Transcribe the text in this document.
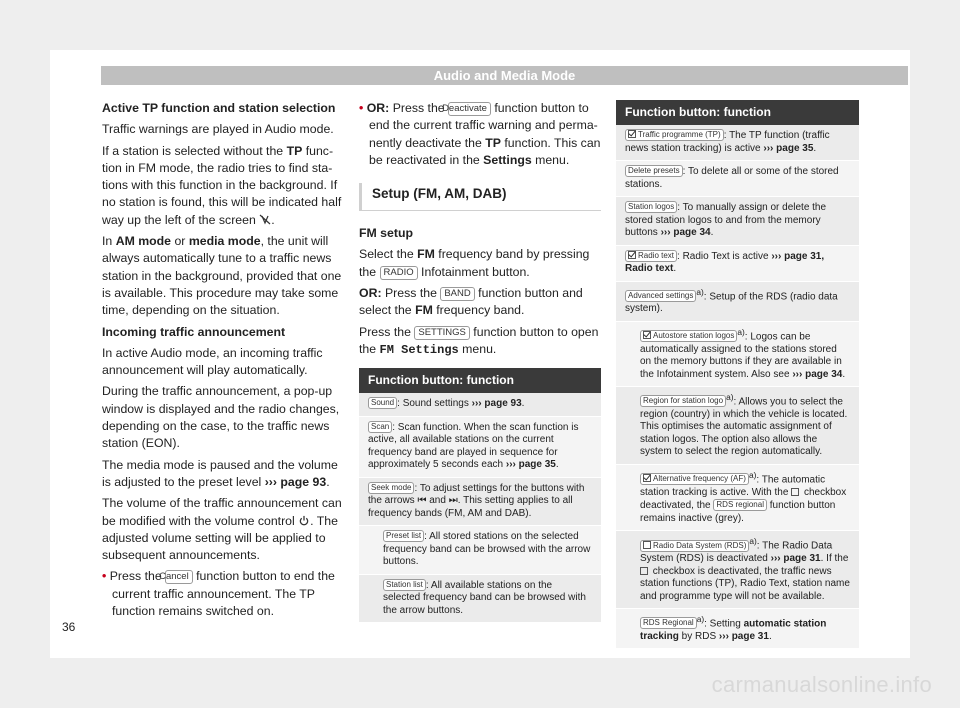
Audio and Media Mode

Active TP function and station selection

Traffic warnings are played in Audio mode.

If a station is selected without the TP function in FM mode, the radio tries to find stations with this function in the background. If no station is found, this will be indicated half way up the left of the screen .

In AM mode or media mode, the unit will always automatically tune to a traffic news station in the background, provided that one is available. This procedure may take some time, depending on the situation.

Incoming traffic announcement

In active Audio mode, an incoming traffic announcement will play automatically.

During the traffic announcement, a pop-up window is displayed and the radio changes, depending on the case, to the traffic news station (EON).

The media mode is paused and the volume is adjusted to the preset level ››› page 93.

The volume of the traffic announcement can be modified with the volume control . The adjusted volume setting will be applied to subsequent announcements.

• Press the Cancel function button to end the current traffic announcement. The TP function remains switched on.

• OR: Press the Deactivate function button to end the current traffic warning and permanently deactivate the TP function. This can be reactivated in the Settings menu.

Setup (FM, AM, DAB)

FM setup

Select the FM frequency band by pressing the RADIO Infotainment button.

OR: Press the BAND function button and select the FM frequency band.

Press the SETTINGS function button to open the FM Settings menu.

Function button: function
Sound : Sound settings ››› page 93.
Scan : Scan function. When the scan function is active, all available stations on the current frequency band are played in sequence for approximately 5 seconds each ››› page 35.
Seek mode : To adjust settings for the buttons with the arrows ⏮ and ⏭. This setting applies to all frequency bands (FM, AM and DAB).
Preset list : All stored stations on the selected frequency band can be browsed with the arrow buttons.
Station list : All available stations on the selected frequency band can be browsed with the arrow buttons.
Function button: function
Traffic programme (TP) : The TP function (traffic news station tracking) is active ››› page 35.
Delete presets : To delete all or some of the stored stations.
Station logos : To manually assign or delete the stored station logos to and from the memory buttons ››› page 34.
Radio text : Radio Text is active ››› page 31, Radio text.
Advanced settings $^{a)}$: Setup of the RDS (radio data system).
Autostore station logos $^{a)}$: Logos can be automatically assigned to the stations stored on the memory buttons if they are available in the Infotainment system. Also see ››› page 34.
Region for station logo $^{a)}$: Allows you to select the region (country) in which the vehicle is located. This optimises the automatic assignment of station logos. The option also allows the system to select the region automatically.
Alternative frequency (AF) $^{a)}$: The automatic station tracking is active. With the  checkbox deactivated, the RDS regional function button remains inactive (grey).
Radio Data System (RDS) $^{a)}$: The Radio Data System (RDS) is deactivated ››› page 31. If the  checkbox is deactivated, the traffic news station functions (TP), Radio Text, station name and programme type will not be available.
RDS Regional $^{a)}$: Setting automatic station tracking by RDS ››› page 31.
36
carmanualsonline.info
